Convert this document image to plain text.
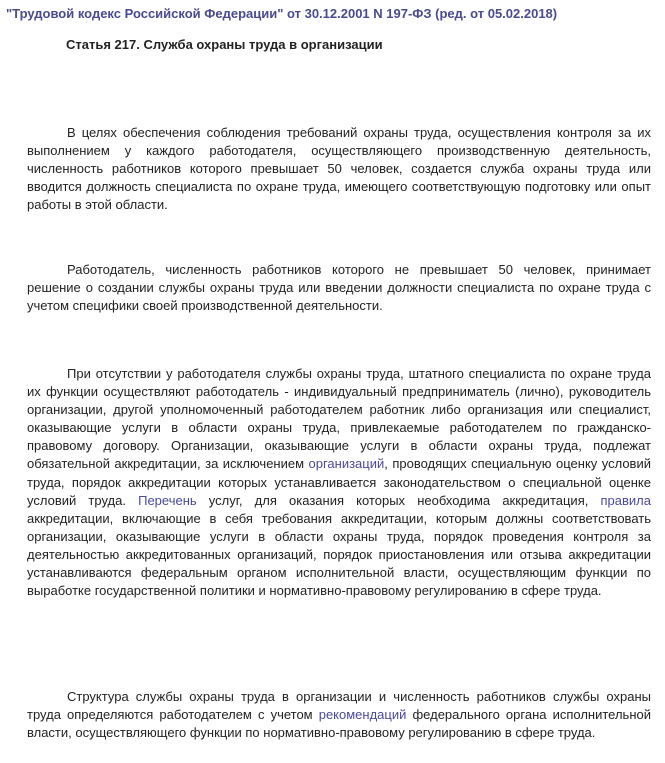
"Трудовой кодекс Российской Федерации" от 30.12.2001 N 197-ФЗ (ред. от 05.02.2018)
Статья 217. Служба охраны труда в организации

В целях обеспечения соблюдения требований охраны труда, осуществления контроля за их выполнением у каждого работодателя, осуществляющего производственную деятельность, численность работников которого превышает 50 человек, создается служба охраны труда или вводится должность специалиста по охране труда, имеющего соответствующую подготовку или опыт работы в этой области.

Работодатель, численность работников которого не превышает 50 человек, принимает решение о создании службы охраны труда или введении должности специалиста по охране труда с учетом специфики своей производственной деятельности.

При отсутствии у работодателя службы охраны труда, штатного специалиста по охране труда их функции осуществляют работодатель - индивидуальный предприниматель (лично), руководитель организации, другой уполномоченный работодателем работник либо организация или специалист, оказывающие услуги в области охраны труда, привлекаемые работодателем по гражданско-правовому договору. Организации, оказывающие услуги в области охраны труда, подлежат обязательной аккредитации, за исключением организаций, проводящих специальную оценку условий труда, порядок аккредитации которых устанавливается законодательством о специальной оценке условий труда. Перечень услуг, для оказания которых необходима аккредитация, правила аккредитации, включающие в себя требования аккредитации, которым должны соответствовать организации, оказывающие услуги в области охраны труда, порядок проведения контроля за деятельностью аккредитованных организаций, порядок приостановления или отзыва аккредитации устанавливаются федеральным органом исполнительной власти, осуществляющим функции по выработке государственной политики и нормативно-правовому регулированию в сфере труда.

Структура службы охраны труда в организации и численность работников службы охраны труда определяются работодателем с учетом рекомендаций федерального органа исполнительной власти, осуществляющего функции по нормативно-правовому регулированию в сфере труда.
